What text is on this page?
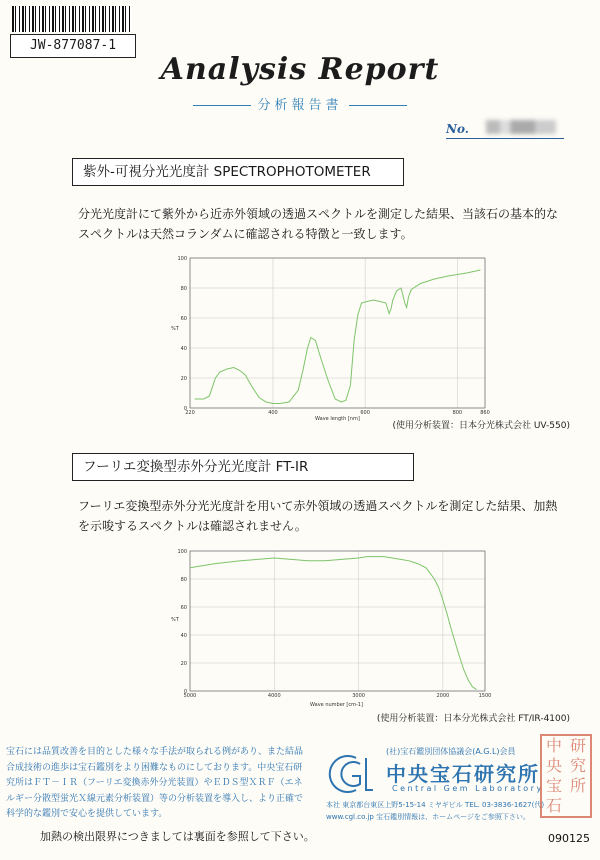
JW-877087-1
Analysis Report
分析報告書
No.
紫外-可視分光光度計 SPECTROPHOTOMETER
分光光度計にて紫外から近赤外領域の透過スペクトルを測定した結果、当該石の基本的なスペクトルは天然コランダムに確認される特徴と一致します。
100
80
60
40
20
0
220	400	600	800	860
%T
Wave length [nm]
(使用分析装置：日本分光株式会社 UV-550)
フーリエ変換型赤外分光光度計 FT-IR
フーリエ変換型赤外分光光度計を用いて赤外領域の透過スペクトルを測定した結果、加熱を示唆するスペクトルは確認されません。
100
80
60
40
20
0
5000	4000	3000	2000	1500
%T
Wave number [cm-1]
(使用分析装置：日本分光株式会社 FT/IR-4100)
宝石には品質改善を目的とした様々な手法が取られる例があり、また結晶合成技術の進歩は宝石鑑別をより困難なものにしております。中央宝石研究所はＦＴ－ＩＲ（フーリエ変換赤外分光装置）やＥＤＳ型ＸＲＦ（エネルギー分散型蛍光Ｘ線元素分析装置）等の分析装置を導入し、より正確で科学的な鑑別で安心を提供しています。
(社)宝石鑑別団体協議会(A.G.L)会員
中央宝石研究所
Central Gem Laboratory
本社 東京都台東区上野5-15-14 ミヤギビル TEL. 03-3836-1627(代)
www.cgl.co.jp 宝石鑑別情報は、ホームページをご参照下さい。
中 研
央 究
宝 所
石
加熱の検出限界につきましては裏面を参照して下さい。	090125
